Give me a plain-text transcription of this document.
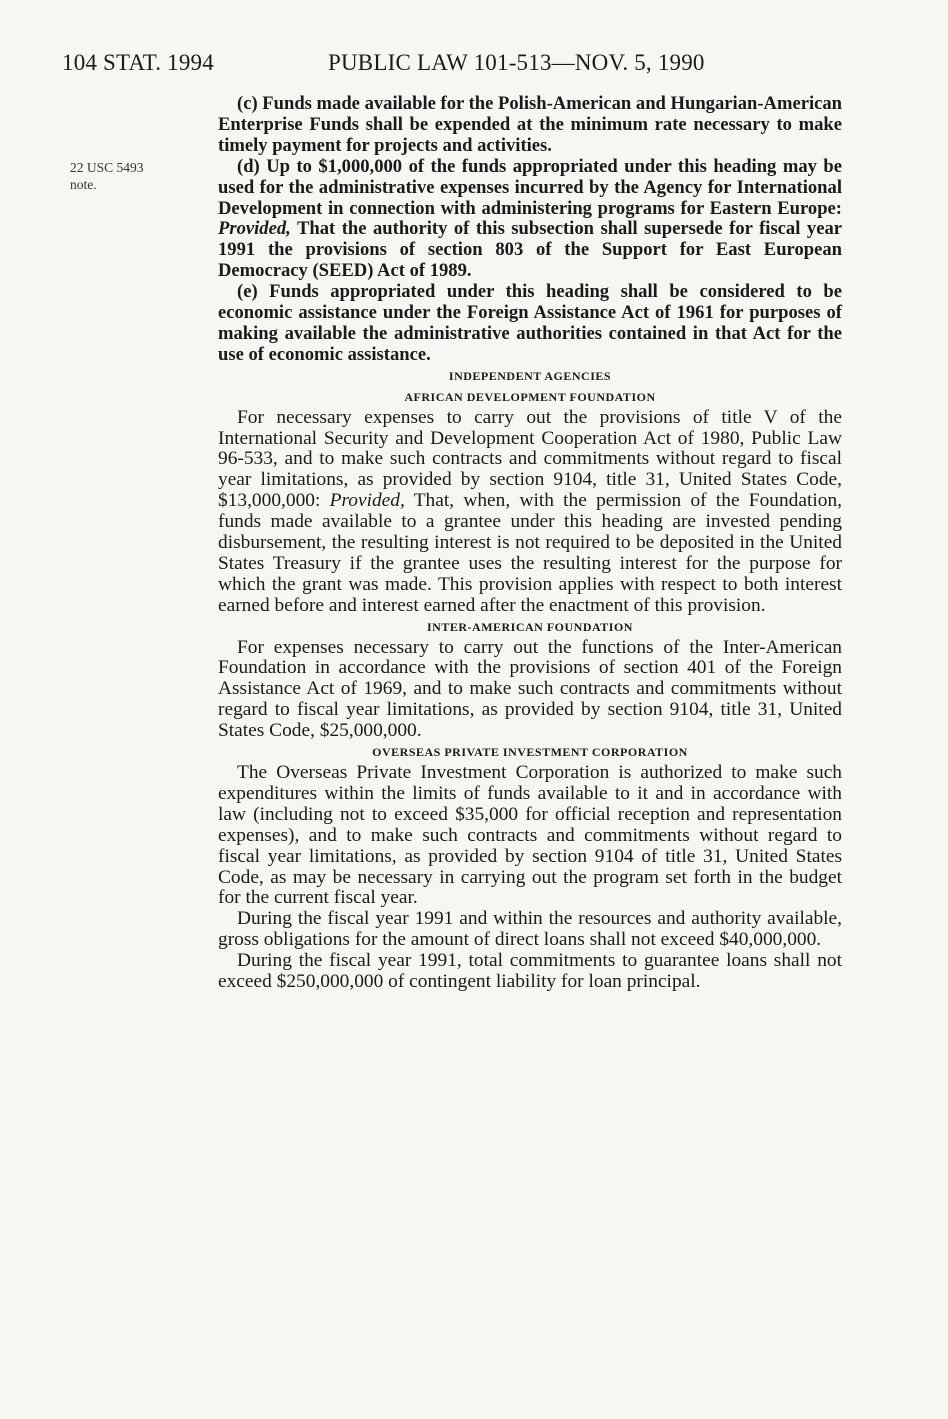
104 STAT. 1994	PUBLIC LAW 101-513—NOV. 5, 1990
22 USC 5493
note.

(c) Funds made available for the Polish-American and Hungarian-American Enterprise Funds shall be expended at the minimum rate necessary to make timely payment for projects and activities.

(d) Up to $1,000,000 of the funds appropriated under this heading may be used for the administrative expenses incurred by the Agency for International Development in connection with administering programs for Eastern Europe: Provided, That the authority of this subsection shall supersede for fiscal year 1991 the provisions of section 803 of the Support for East European Democracy (SEED) Act of 1989.

(e) Funds appropriated under this heading shall be considered to be economic assistance under the Foreign Assistance Act of 1961 for purposes of making available the administrative authorities contained in that Act for the use of economic assistance.

INDEPENDENT AGENCIES

AFRICAN DEVELOPMENT FOUNDATION

For necessary expenses to carry out the provisions of title V of the International Security and Development Cooperation Act of 1980, Public Law 96-533, and to make such contracts and commitments without regard to fiscal year limitations, as provided by section 9104, title 31, United States Code, $13,000,000: Provided, That, when, with the permission of the Foundation, funds made available to a grantee under this heading are invested pending disbursement, the resulting interest is not required to be deposited in the United States Treasury if the grantee uses the resulting interest for the purpose for which the grant was made. This provision applies with respect to both interest earned before and interest earned after the enactment of this provision.

INTER-AMERICAN FOUNDATION

For expenses necessary to carry out the functions of the Inter-American Foundation in accordance with the provisions of section 401 of the Foreign Assistance Act of 1969, and to make such contracts and commitments without regard to fiscal year limitations, as provided by section 9104, title 31, United States Code, $25,000,000.

OVERSEAS PRIVATE INVESTMENT CORPORATION

The Overseas Private Investment Corporation is authorized to make such expenditures within the limits of funds available to it and in accordance with law (including not to exceed $35,000 for official reception and representation expenses), and to make such contracts and commitments without regard to fiscal year limitations, as provided by section 9104 of title 31, United States Code, as may be necessary in carrying out the program set forth in the budget for the current fiscal year.

During the fiscal year 1991 and within the resources and authority available, gross obligations for the amount of direct loans shall not exceed $40,000,000.

During the fiscal year 1991, total commitments to guarantee loans shall not exceed $250,000,000 of contingent liability for loan principal.
